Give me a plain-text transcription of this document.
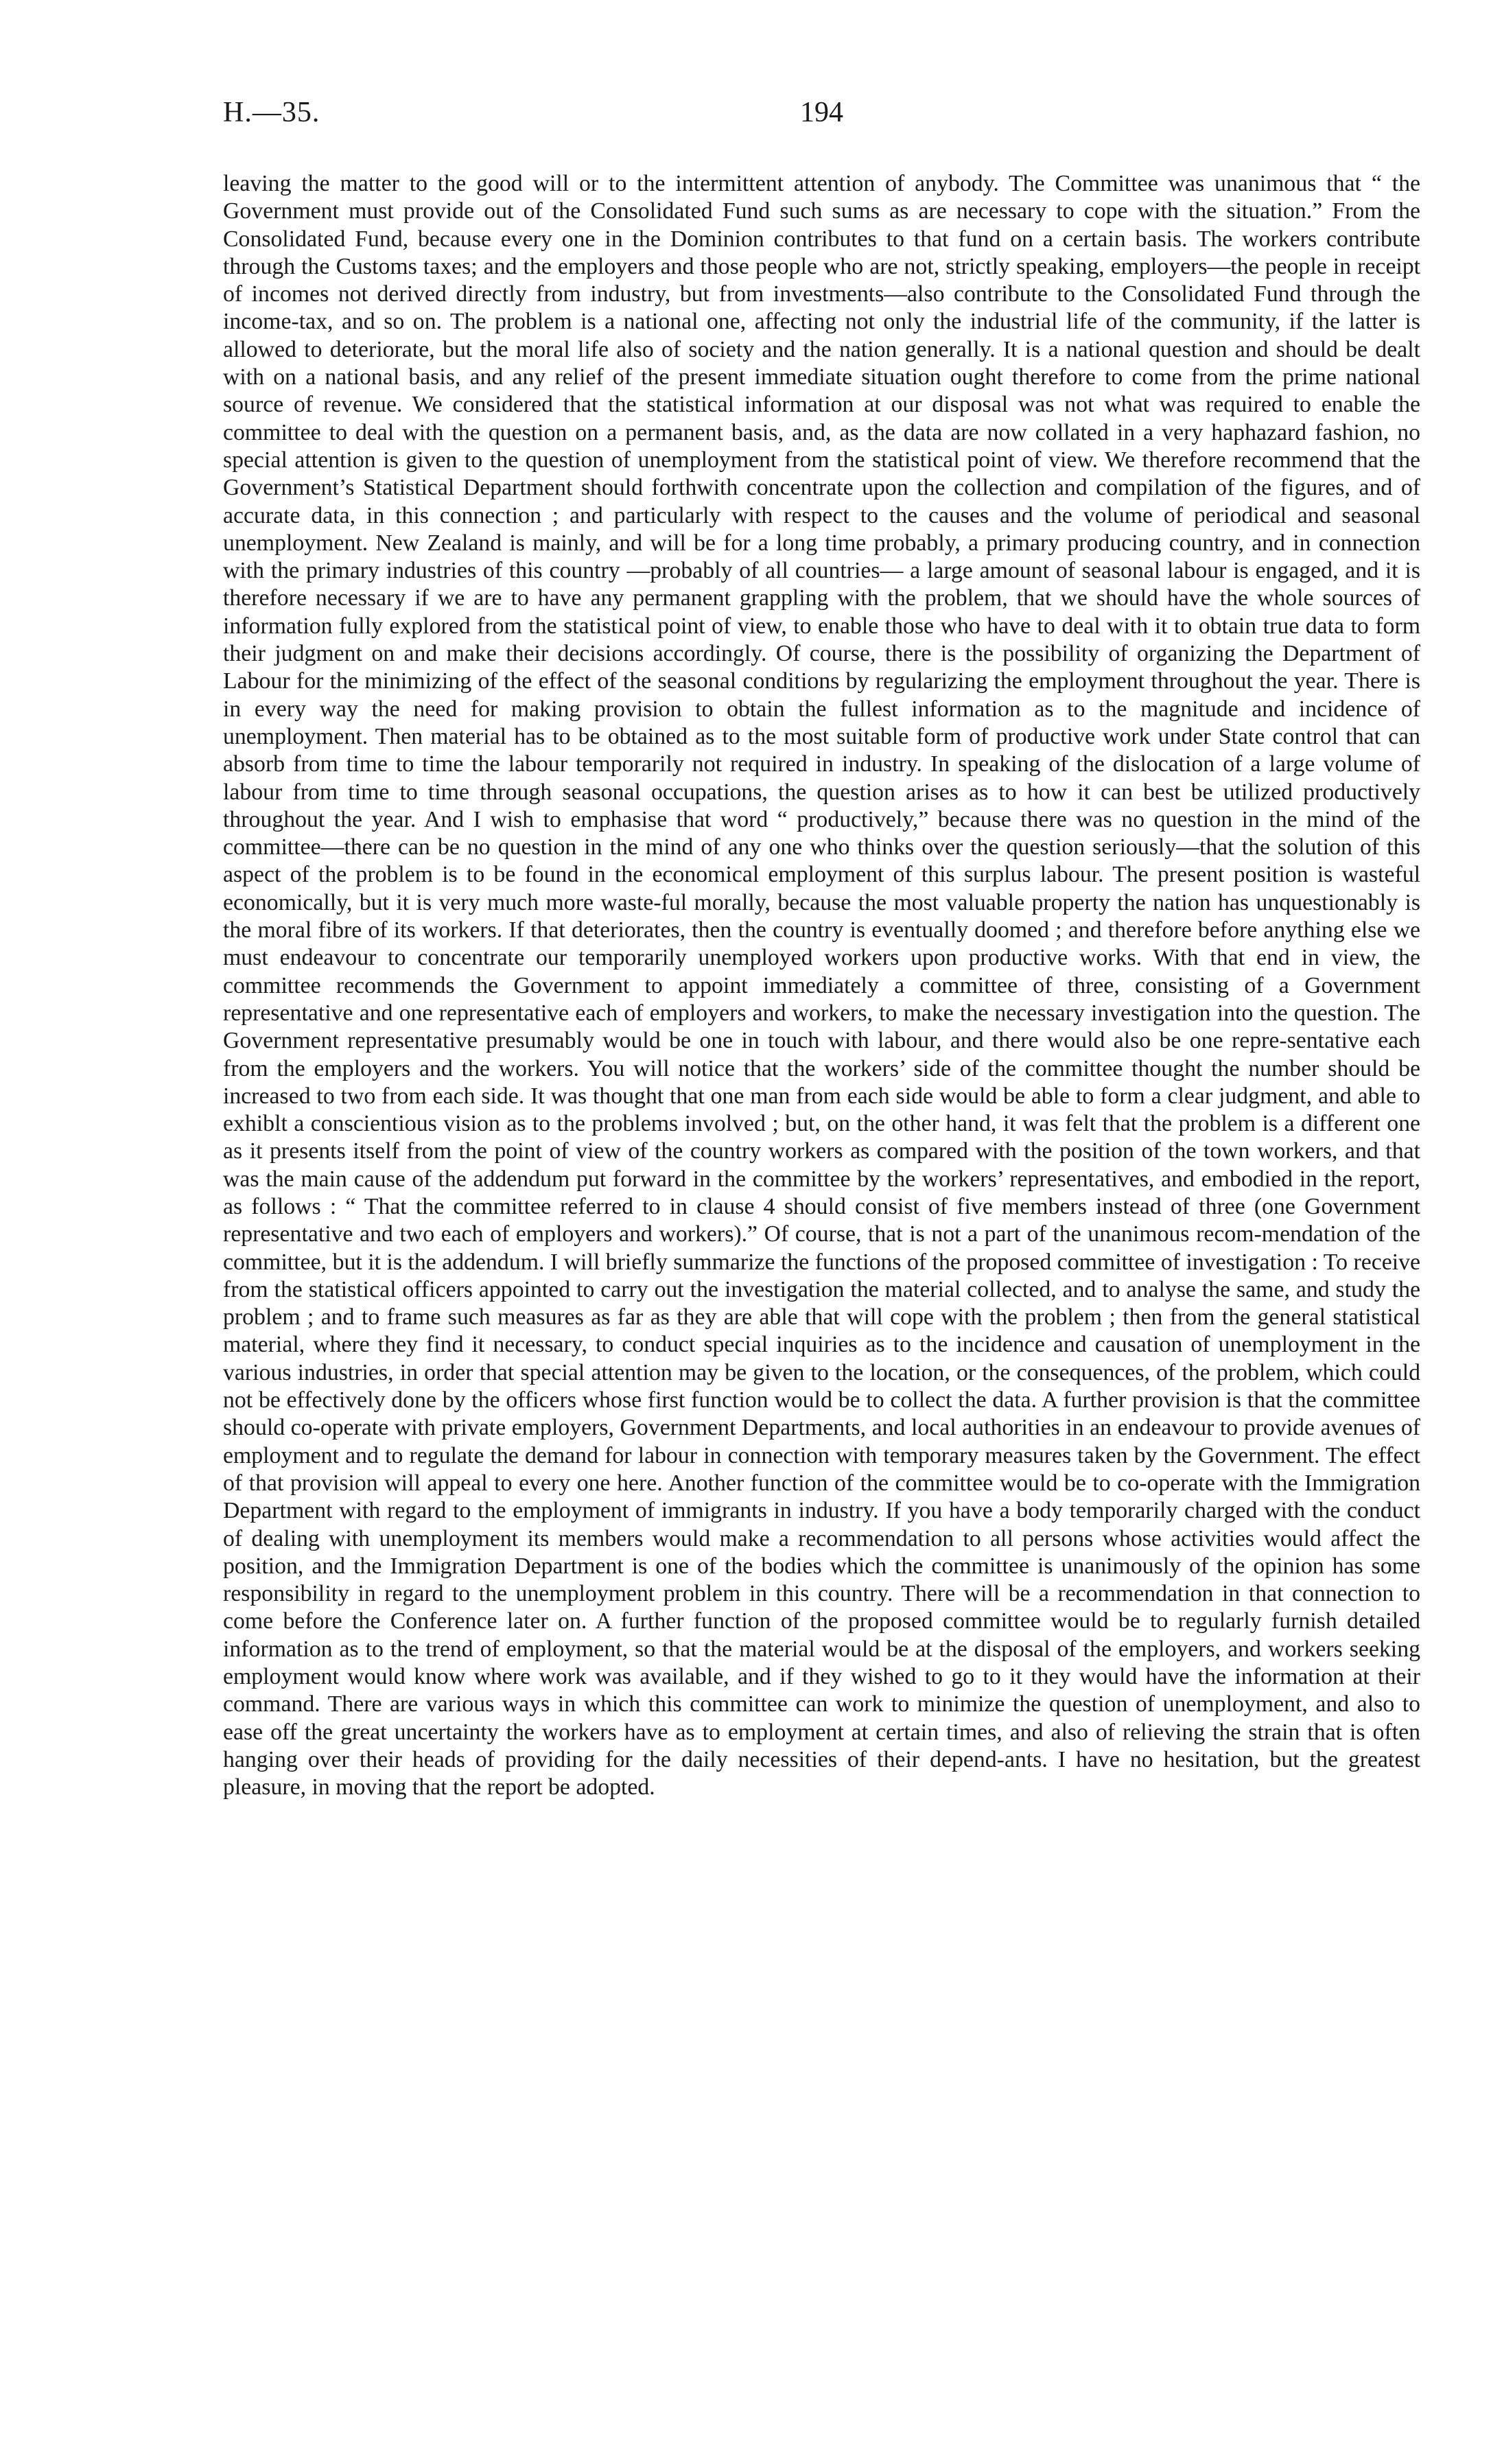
H.—35.	194

leaving the matter to the good will or to the intermittent attention of anybody. The Committee was unanimous that “ the Government must provide out of the Consolidated Fund such sums as are necessary to cope with the situation.” From the Consolidated Fund, because every one in the Dominion contributes to that fund on a certain basis. The workers contribute through the Customs taxes; and the employers and those people who are not, strictly speaking, employers—the people in receipt of incomes not derived directly from industry, but from investments—also contribute to the Consolidated Fund through the income-tax, and so on. The problem is a national one, affecting not only the industrial life of the community, if the latter is allowed to deteriorate, but the moral life also of society and the nation generally. It is a national question and should be dealt with on a national basis, and any relief of the present immediate situation ought therefore to come from the prime national source of revenue. We considered that the statistical information at our disposal was not what was required to enable the committee to deal with the question on a permanent basis, and, as the data are now collated in a very haphazard fashion, no special attention is given to the question of unemployment from the statistical point of view. We therefore recommend that the Government’s Statistical Department should forthwith concentrate upon the collection and compilation of the figures, and of accurate data, in this connection ; and particularly with respect to the causes and the volume of periodical and seasonal unemployment. New Zealand is mainly, and will be for a long time probably, a primary producing country, and in connection with the primary industries of this country —probably of all countries— a large amount of seasonal labour is engaged, and it is therefore necessary if we are to have any permanent grappling with the problem, that we should have the whole sources of information fully explored from the statistical point of view, to enable those who have to deal with it to obtain true data to form their judgment on and make their decisions accordingly. Of course, there is the possibility of organizing the Department of Labour for the minimizing of the effect of the seasonal conditions by regularizing the employment throughout the year. There is in every way the need for making provision to obtain the fullest information as to the magnitude and incidence of unemployment. Then material has to be obtained as to the most suitable form of productive work under State control that can absorb from time to time the labour temporarily not required in industry. In speaking of the dislocation of a large volume of labour from time to time through seasonal occupations, the question arises as to how it can best be utilized productively throughout the year. And I wish to emphasise that word “ productively,” because there was no question in the mind of the committee—there can be no question in the mind of any one who thinks over the question seriously—that the solution of this aspect of the problem is to be found in the economical employment of this surplus labour. The present position is wasteful economically, but it is very much more waste-ful morally, because the most valuable property the nation has unquestionably is the moral fibre of its workers. If that deteriorates, then the country is eventually doomed ; and therefore before anything else we must endeavour to concentrate our temporarily unemployed workers upon productive works. With that end in view, the committee recommends the Government to appoint immediately a committee of three, consisting of a Government representative and one representative each of employers and workers, to make the necessary investigation into the question. The Government representative presumably would be one in touch with labour, and there would also be one repre-sentative each from the employers and the workers. You will notice that the workers’ side of the committee thought the number should be increased to two from each side. It was thought that one man from each side would be able to form a clear judgment, and able to exhiblt a conscientious vision as to the problems involved ; but, on the other hand, it was felt that the problem is a different one as it presents itself from the point of view of the country workers as compared with the position of the town workers, and that was the main cause of the addendum put forward in the committee by the workers’ representatives, and embodied in the report, as follows : “ That the committee referred to in clause 4 should consist of five members instead of three (one Government representative and two each of employers and workers).” Of course, that is not a part of the unanimous recom-mendation of the committee, but it is the addendum. I will briefly summarize the functions of the proposed committee of investigation : To receive from the statistical officers appointed to carry out the investigation the material collected, and to analyse the same, and study the problem ; and to frame such measures as far as they are able that will cope with the problem ; then from the general statistical material, where they find it necessary, to conduct special inquiries as to the incidence and causation of unemployment in the various industries, in order that special attention may be given to the location, or the consequences, of the problem, which could not be effectively done by the officers whose first function would be to collect the data. A further provision is that the committee should co-operate with private employers, Government Departments, and local authorities in an endeavour to provide avenues of employment and to regulate the demand for labour in connection with temporary measures taken by the Government. The effect of that provision will appeal to every one here. Another function of the committee would be to co-operate with the Immigration Department with regard to the employment of immigrants in industry. If you have a body temporarily charged with the conduct of dealing with unemployment its members would make a recommendation to all persons whose activities would affect the position, and the Immigration Department is one of the bodies which the committee is unanimously of the opinion has some responsibility in regard to the unemployment problem in this country. There will be a recommendation in that connection to come before the Conference later on. A further function of the proposed committee would be to regularly furnish detailed information as to the trend of employment, so that the material would be at the disposal of the employers, and workers seeking employment would know where work was available, and if they wished to go to it they would have the information at their command. There are various ways in which this committee can work to minimize the question of unemployment, and also to ease off the great uncertainty the workers have as to employment at certain times, and also of relieving the strain that is often hanging over their heads of providing for the daily necessities of their depend-ants. I have no hesitation, but the greatest pleasure, in moving that the report be adopted.
